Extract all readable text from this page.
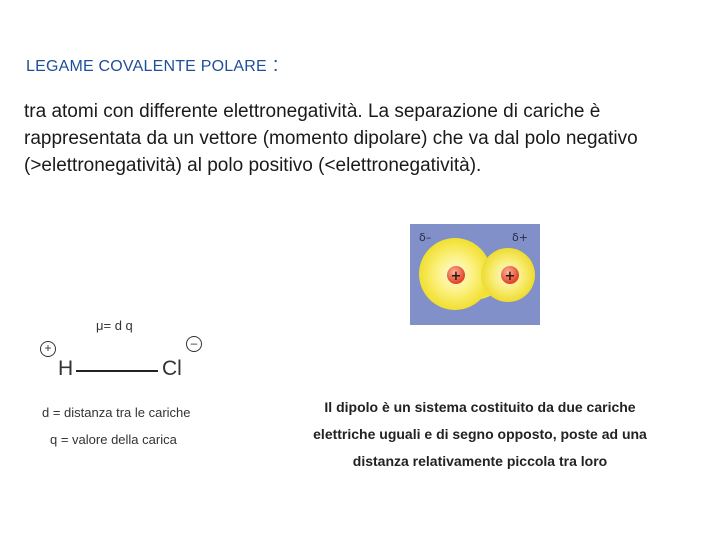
LEGAME COVALENTE POLARE :
tra atomi con differente elettronegatività. La separazione di cariche è rappresentata da un vettore (momento dipolare) che va dal polo negativo (>elettronegatività) al polo positivo (<elettronegatività).
δ–	δ+
+	+
μ= d q
+	–
H	Cl
d = distanza tra le cariche
q = valore della carica
Il dipolo è un sistema costituito da due cariche elettriche uguali e di segno opposto, poste ad una distanza relativamente piccola tra loro
